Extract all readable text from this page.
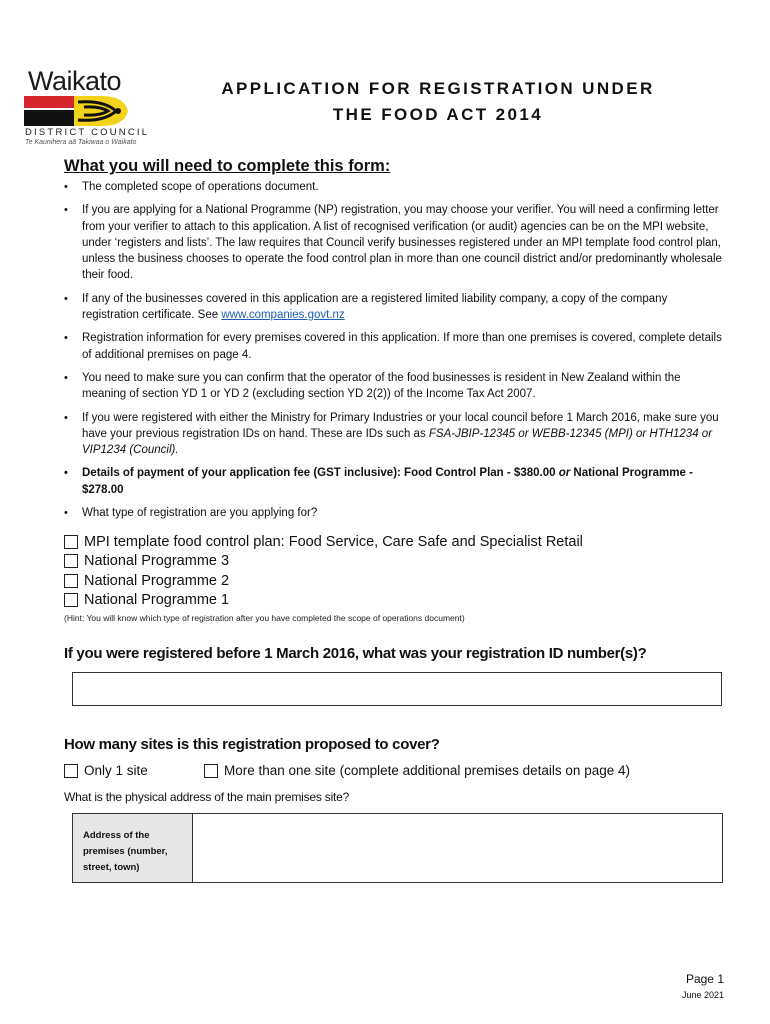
Waikato
DISTRICT COUNCIL
Te Kaunihera aā Takiwaa o Waikato
APPLICATION FOR REGISTRATION UNDER
THE FOOD ACT 2014
What you will need to complete this form:
• The completed scope of operations document.
• If you are applying for a National Programme (NP) registration, you may choose your verifier. You will need a confirming letter from your verifier to attach to this application. A list of recognised verification (or audit) agencies can be on the MPI website, under ‘registers and lists’. The law requires that Council verify businesses registered under an MPI template food control plan, unless the business chooses to operate the food control plan in more than one council district and/or predominantly wholesale their food.
• If any of the businesses covered in this application are a registered limited liability company, a copy of the company registration certificate. See www.companies.govt.nz
• Registration information for every premises covered in this application. If more than one premises is covered, complete details of additional premises on page 4.
• You need to make sure you can confirm that the operator of the food businesses is resident in New Zealand within the meaning of section YD 1 or YD 2 (excluding section YD 2(2)) of the Income Tax Act 2007.
• If you were registered with either the Ministry for Primary Industries or your local council before 1 March 2016, make sure you have your previous registration IDs on hand. These are IDs such as FSA-JBIP-12345 or WEBB-12345 (MPI) or HTH1234 or VIP1234 (Council).
• Details of payment of your application fee (GST inclusive): Food Control Plan - $380.00 or National Programme - $278.00
• What type of registration are you applying for?
MPI template food control plan: Food Service, Care Safe and Specialist Retail
National Programme 3
National Programme 2
National Programme 1
(Hint: You will know which type of registration after you have completed the scope of operations document)
If you were registered before 1 March 2016, what was your registration ID number(s)?
How many sites is this registration proposed to cover?
Only 1 site	More than one site (complete additional premises details on page 4)
What is the physical address of the main premises site?
Address of the premises (number, street, town)
Page 1
June 2021
